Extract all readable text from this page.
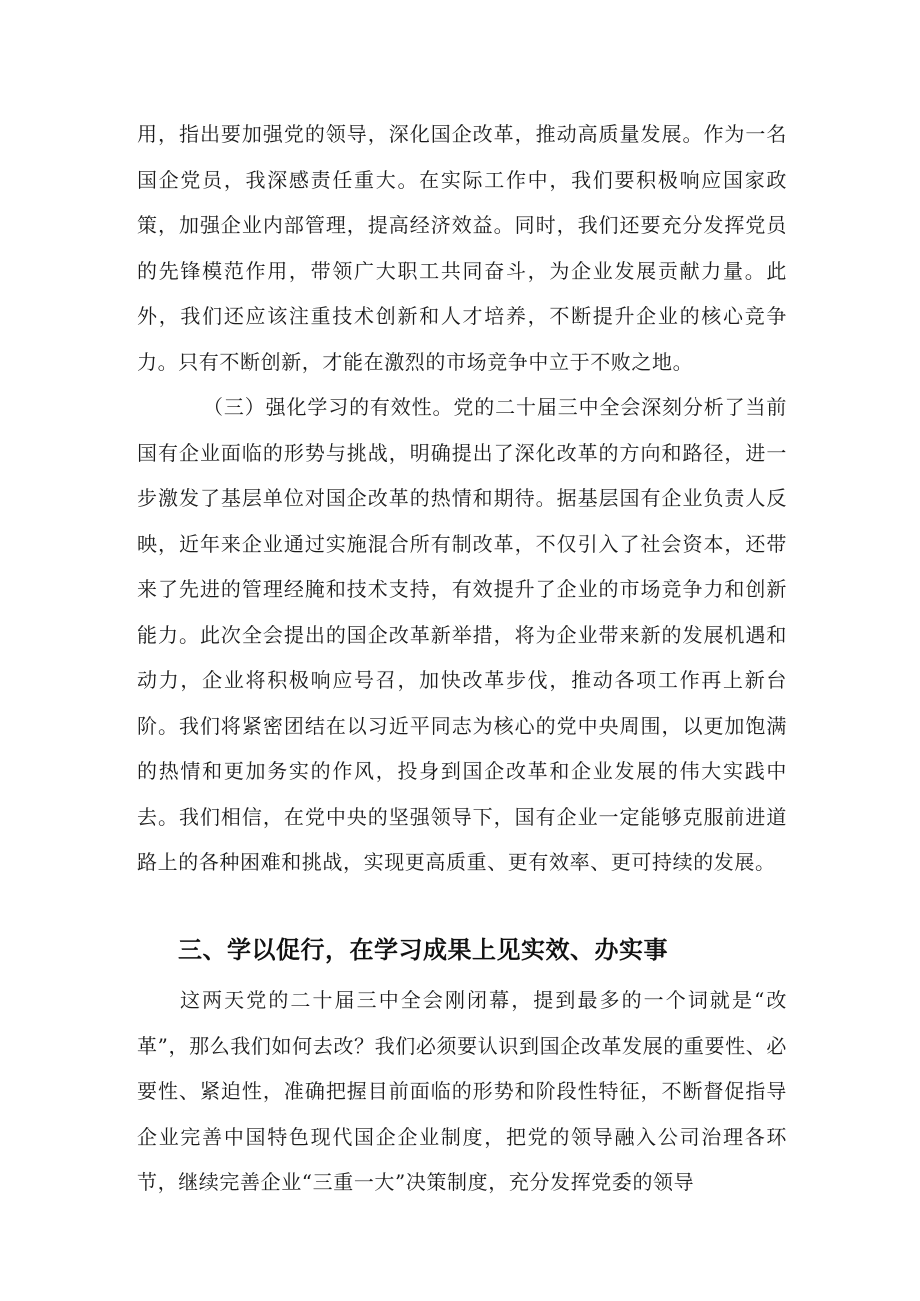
用，指出要加强党的领导，深化国企改革，推动高质量发展。作为一名国企党员，我深感责任重大。在实际工作中，我们要积极响应国家政策，加强企业内部管理，提高经济效益。同时，我们还要充分发挥党员的先锋模范作用，带领广大职工共同奋斗，为企业发展贡献力量。此外，我们还应该注重技术创新和人才培养，不断提升企业的核心竞争力。只有不断创新，才能在激烈的市场竞争中立于不败之地。

（三）强化学习的有效性。党的二十届三中全会深刻分析了当前国有企业面临的形势与挑战，明确提出了深化改革的方向和路径，进一步激发了基层单位对国企改革的热情和期待。据基层国有企业负责人反映，近年来企业通过实施混合所有制改革，不仅引入了社会资本，还带来了先进的管理经腌和技术支持，有效提升了企业的市场竞争力和创新能力。此次全会提出的国企改革新举措，将为企业带来新的发展机遇和动力，企业将积极响应号召，加快改革步伐，推动各项工作再上新台阶。我们将紧密团结在以习近平同志为核心的党中央周围，以更加饱满的热情和更加务实的作风，投身到国企改革和企业发展的伟大实践中去。我们相信，在党中央的坚强领导下，国有企业一定能够克服前进道路上的各种困难和挑战，实现更高质重、更有效率、更可持续的发展。

三、学以促行，在学习成果上见实效、办实事

这两天党的二十届三中全会刚闭幕，提到最多的一个词就是“改革”，那么我们如何去改？我们必须要认识到国企改革发展的重要性、必要性、紧迫性，准确把握目前面临的形势和阶段性特征，不断督促指导企业完善中国特色现代国企企业制度，把党的领导融入公司治理各环节，继续完善企业“三重一大”决策制度，充分发挥党委的领导
